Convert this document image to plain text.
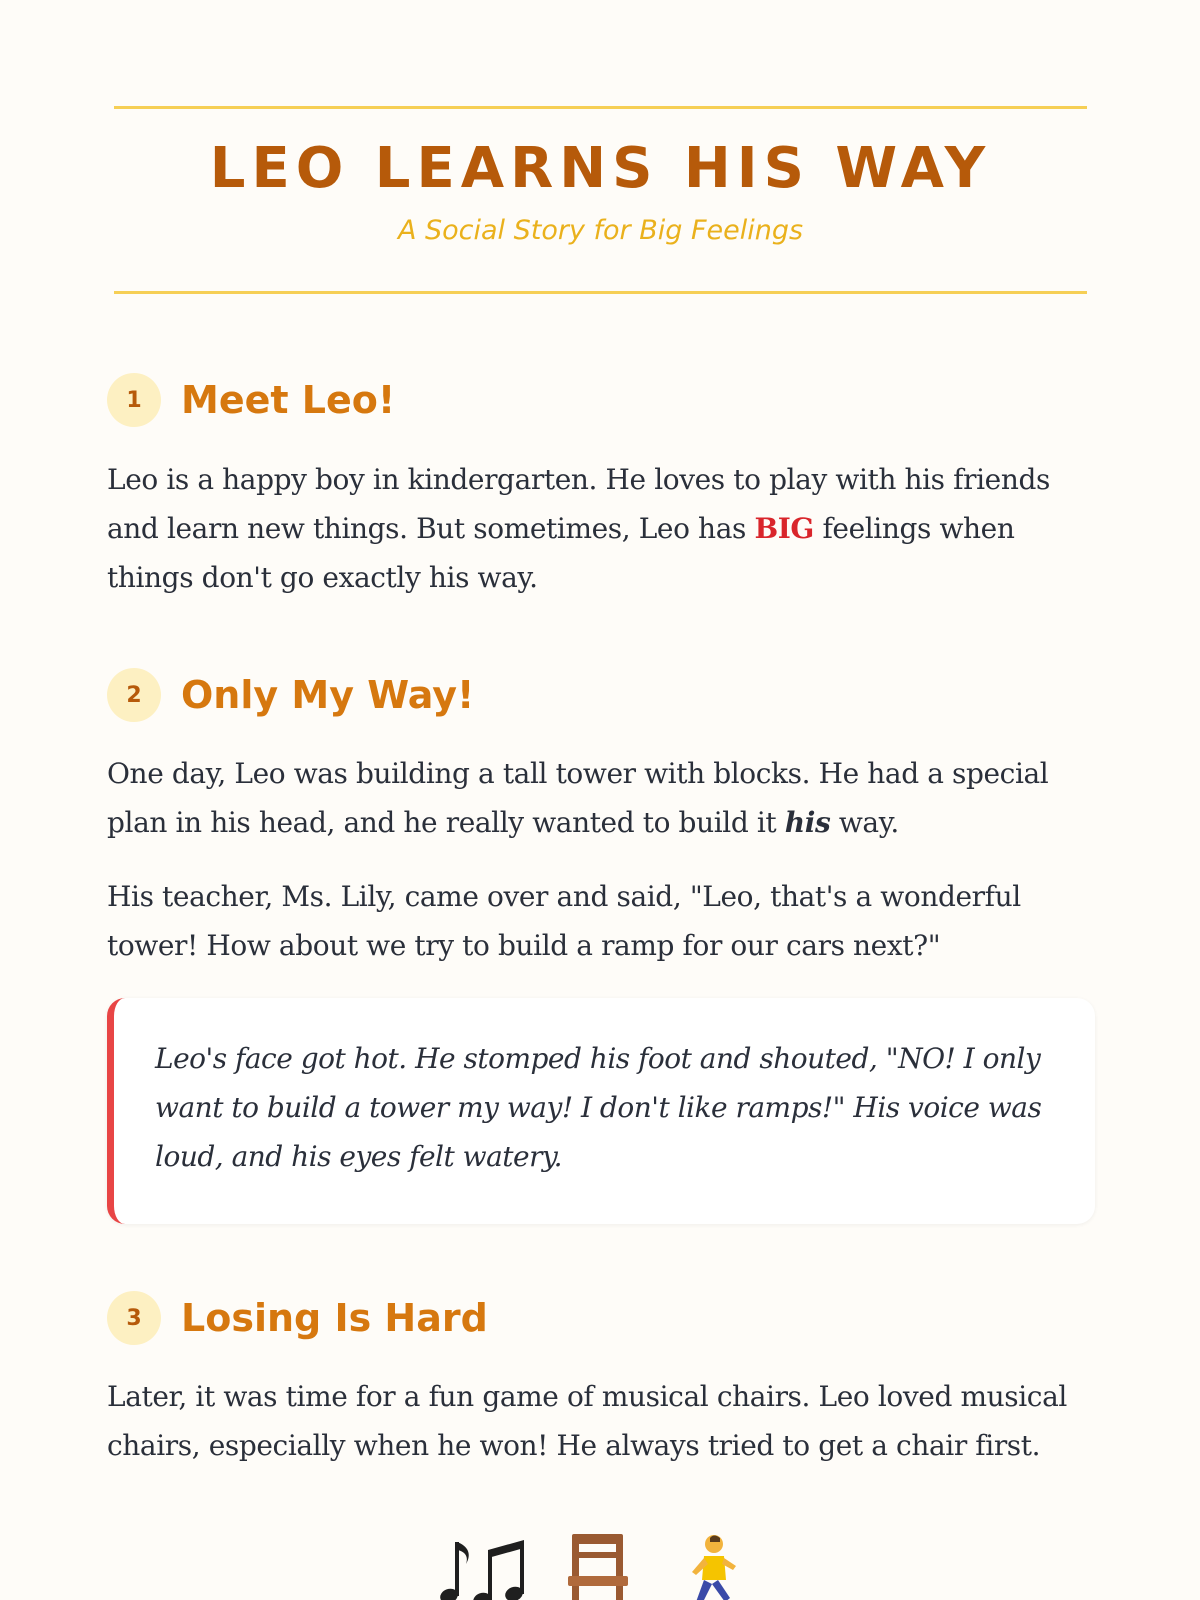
LEO LEARNS HIS WAY
A Social Story for Big Feelings
1	Meet Leo!

Leo is a happy boy in kindergarten. He loves to play with his friends and learn new things. But sometimes, Leo has BIG feelings when things don't go exactly his way.

2	Only My Way!

One day, Leo was building a tall tower with blocks. He had a special plan in his head, and he really wanted to build it his way.

His teacher, Ms. Lily, came over and said, "Leo, that's a wonderful tower! How about we try to build a ramp for our cars next?"

Leo's face got hot. He stomped his foot and shouted, "NO! I only want to build a tower my way! I don't like ramps!" His voice was loud, and his eyes felt watery.

3	Losing Is Hard

Later, it was time for a fun game of musical chairs. Leo loved musical chairs, especially when he won! He always tried to get a chair first.
